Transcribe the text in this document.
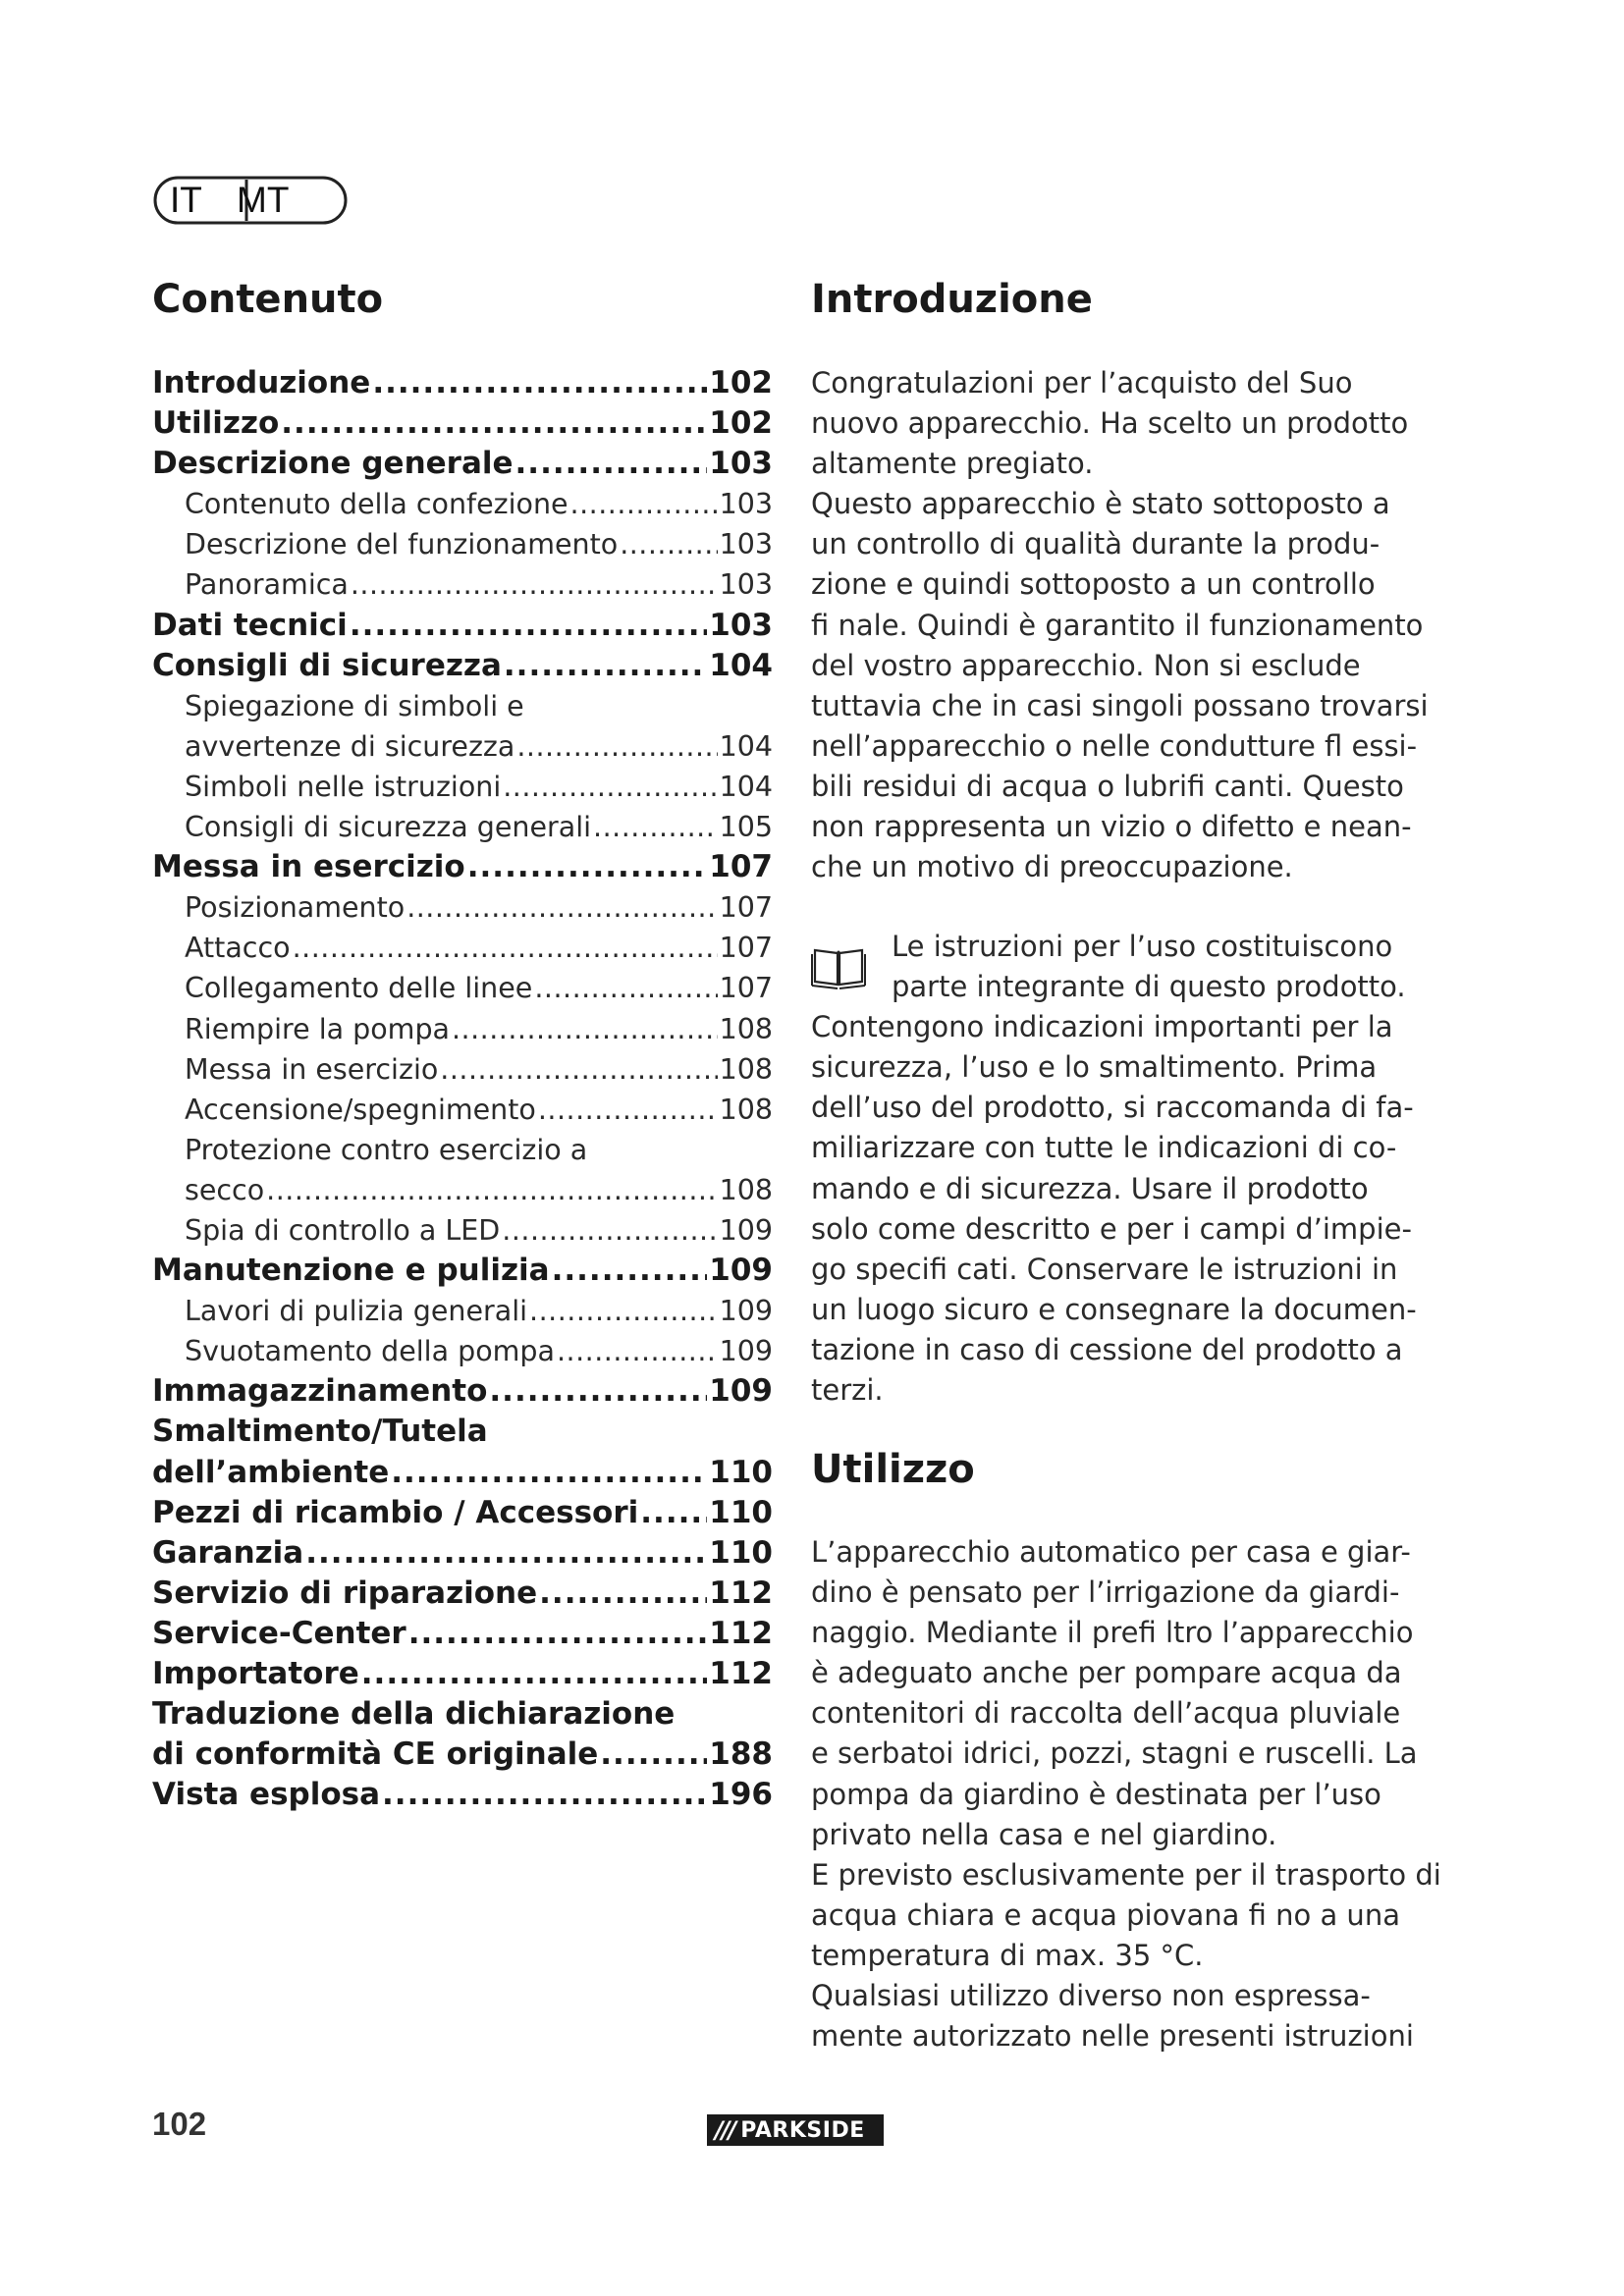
IT MT
Contenuto
Introduzione .....	102
Utilizzo .....	102
Descrizione generale .....	103
Contenuto della confezione .....	103
Descrizione del funzionamento .....	103
Panoramica .....	103
Dati tecnici .....	103
Consigli di sicurezza .....	104
Spiegazione di simboli e
avvertenze di sicurezza .....	104
Simboli nelle istruzioni .....	104
Consigli di sicurezza generali .....	105
Messa in esercizio .....	107
Posizionamento .....	107
Attacco .....	107
Collegamento delle linee .....	107
Riempire la pompa .....	108
Messa in esercizio .....	108
Accensione/spegnimento .....	108
Protezione contro esercizio a
secco .....	108
Spia di controllo a LED .....	109
Manutenzione e pulizia .....	109
Lavori di pulizia generali .....	109
Svuotamento della pompa .....	109
Immagazzinamento .....	109
Smaltimento/Tutela
dell’ambiente .....	110
Pezzi di ricambio / Accessori ..... 110
Garanzia .....	110
Servizio di riparazione .....	112
Service-Center .....	112
Importatore .....	112
Traduzione della dichiarazione
di conformità CE originale .....	188
Vista esplosa .....	196
Introduzione

Congratulazioni per l’acquisto del Suo
nuovo apparecchio. Ha scelto un prodotto
altamente pregiato.
Questo apparecchio è stato sottoposto a
un controllo di qualità durante la produ-
zione e quindi sottoposto a un controllo
fi nale. Quindi è garantito il funzionamento
del vostro apparecchio. Non si esclude
tuttavia che in casi singoli possano trovarsi
nell’apparecchio o nelle condutture fl essi-
bili residui di acqua o lubrifi canti. Questo
non rappresenta un vizio o difetto e nean-
che un motivo di preoccupazione.

Le istruzioni per l’uso costituiscono
parte integrante di questo prodotto.
Contengono indicazioni importanti per la
sicurezza, l’uso e lo smaltimento. Prima
dell’uso del prodotto, si raccomanda di fa-
miliarizzare con tutte le indicazioni di co-
mando e di sicurezza. Usare il prodotto
solo come descritto e per i campi d’impie-
go specifi cati. Conservare le istruzioni in
un luogo sicuro e consegnare la documen-
tazione in caso di cessione del prodotto a
terzi.

Utilizzo

L’apparecchio automatico per casa e giar-
dino è pensato per l’irrigazione da giardi-
naggio. Mediante il prefi ltro l’apparecchio
è adeguato anche per pompare acqua da
contenitori di raccolta dell’acqua pluviale
e serbatoi idrici, pozzi, stagni e ruscelli. La
pompa da giardino è destinata per l’uso
privato nella casa e nel giardino.
E previsto esclusivamente per il trasporto di
acqua chiara e acqua piovana fi no a una
temperatura di max. 35 °C.
Qualsiasi utilizzo diverso non espressa-
mente autorizzato nelle presenti istruzioni

102	/// PARKSIDE
